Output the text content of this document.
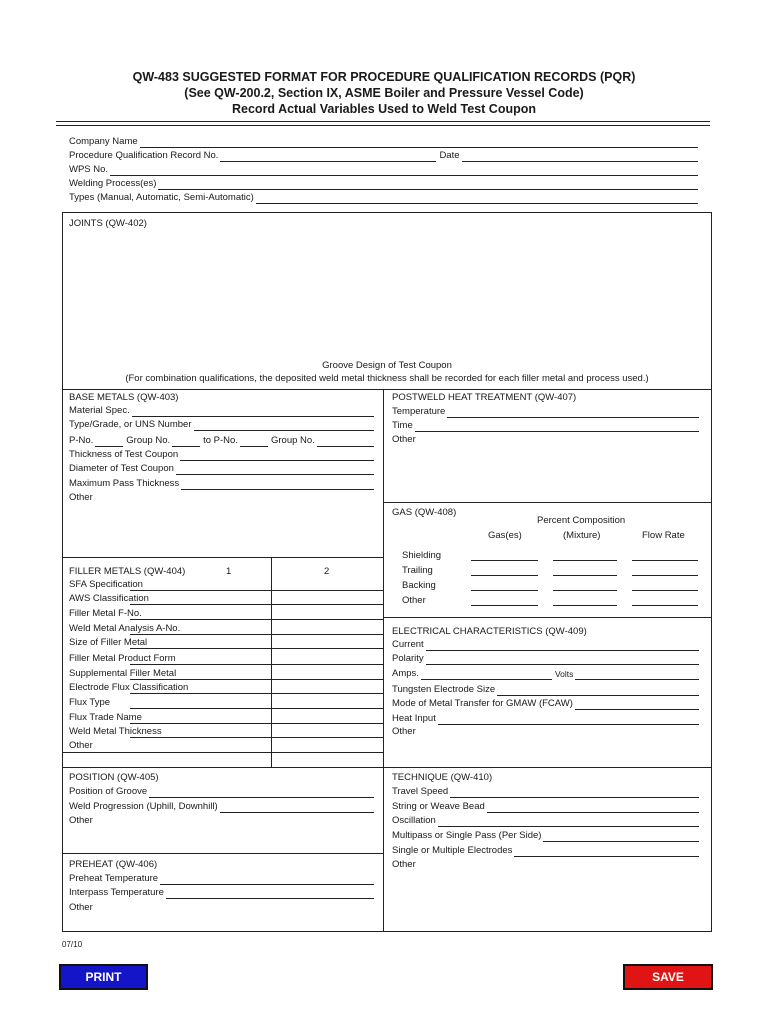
QW-483 SUGGESTED FORMAT FOR PROCEDURE QUALIFICATION RECORDS (PQR)
(See QW-200.2, Section IX, ASME Boiler and Pressure Vessel Code)
Record Actual Variables Used to Weld Test Coupon
Company Name
Procedure Qualification Record No.	Date
WPS No.
Welding Process(es)
Types (Manual, Automatic, Semi-Automatic)
JOINTS (QW-402)
Groove Design of Test Coupon
(For combination qualifications, the deposited weld metal thickness shall be recorded for each filler metal and process used.)
BASE METALS (QW-403)
Material Spec.
Type/Grade, or UNS Number
P-No.	Group No.	to P-No.	Group No.
Thickness of Test Coupon
Diameter of Test Coupon
Maximum Pass Thickness
Other
POSTWELD HEAT TREATMENT (QW-407)
Temperature
Time
Other
GAS (QW-408)
Percent Composition
Gas(es)	(Mixture)	Flow Rate
Shielding
Trailing
Backing
Other
FILLER METALS (QW-404)	1	2
SFA Specification
AWS Classification
Filler Metal F-No.
Weld Metal Analysis A-No.
Size of Filler Metal
Filler Metal Product Form
Supplemental Filler Metal
Electrode Flux Classification
Flux Type
Flux Trade Name
Weld Metal Thickness
Other
ELECTRICAL CHARACTERISTICS (QW-409)
Current
Polarity
Amps.	Volts
Tungsten Electrode Size
Mode of Metal Transfer for GMAW (FCAW)
Heat Input
Other
POSITION (QW-405)
Position of Groove
Weld Progression (Uphill, Downhill)
Other
TECHNIQUE (QW-410)
Travel Speed
String or Weave Bead
Oscillation
Multipass or Single Pass (Per Side)
Single or Multiple Electrodes
Other
PREHEAT (QW-406)
Preheat Temperature
Interpass Temperature
Other
07/10
PRINT	SAVE
